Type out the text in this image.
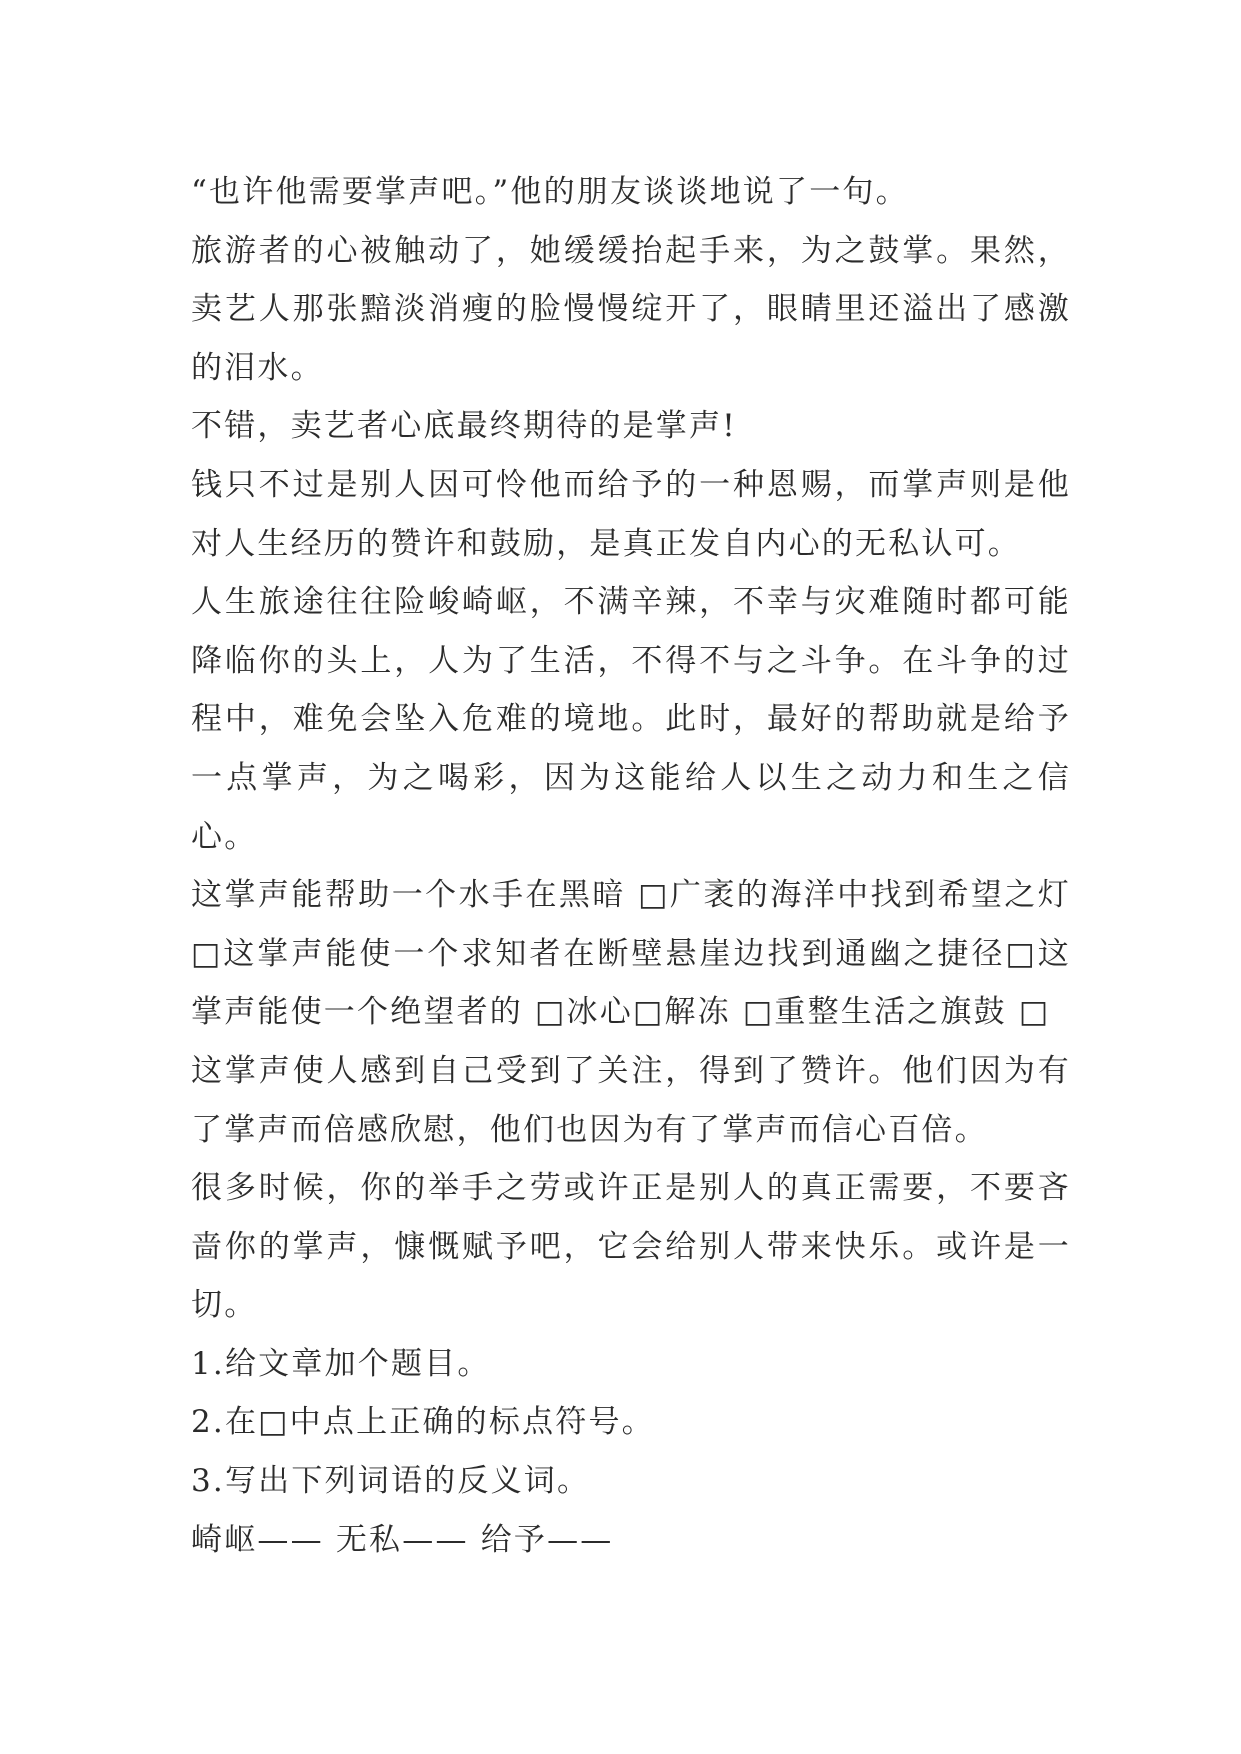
“也许他需要掌声吧。”他的朋友谈谈地说了一句。

旅游者的心被触动了，她缓缓抬起手来，为之鼓掌。果然，卖艺人那张黯淡消瘦的脸慢慢绽开了，眼睛里还溢出了感激的泪水。

不错，卖艺者心底最终期待的是掌声!

钱只不过是别人因可怜他而给予的一种恩赐，而掌声则是他对人生经历的赞许和鼓励，是真正发自内心的无私认可。

人生旅途往往险峻崎岖，不满辛辣，不幸与灾难随时都可能降临你的头上，人为了生活，不得不与之斗争。在斗争的过程中，难免会坠入危难的境地。此时，最好的帮助就是给予一点掌声，为之喝彩，因为这能给人以生之动力和生之信心。

这掌声能帮助一个水手在黑暗 □广袤的海洋中找到希望之灯 □这掌声能使一个求知者在断壁悬崖边找到通幽之捷径□这掌声能使一个绝望者的 □冰心□解冻 □重整生活之旗鼓 □

这掌声使人感到自己受到了关注，得到了赞许。他们因为有了掌声而倍感欣慰，他们也因为有了掌声而信心百倍。

很多时候，你的举手之劳或许正是别人的真正需要，不要吝啬你的掌声，慷慨赋予吧，它会给别人带来快乐。或许是一切。

1.给文章加个题目。

2.在□中点上正确的标点符号。

3.写出下列词语的反义词。

崎岖—— 无私—— 给予——
